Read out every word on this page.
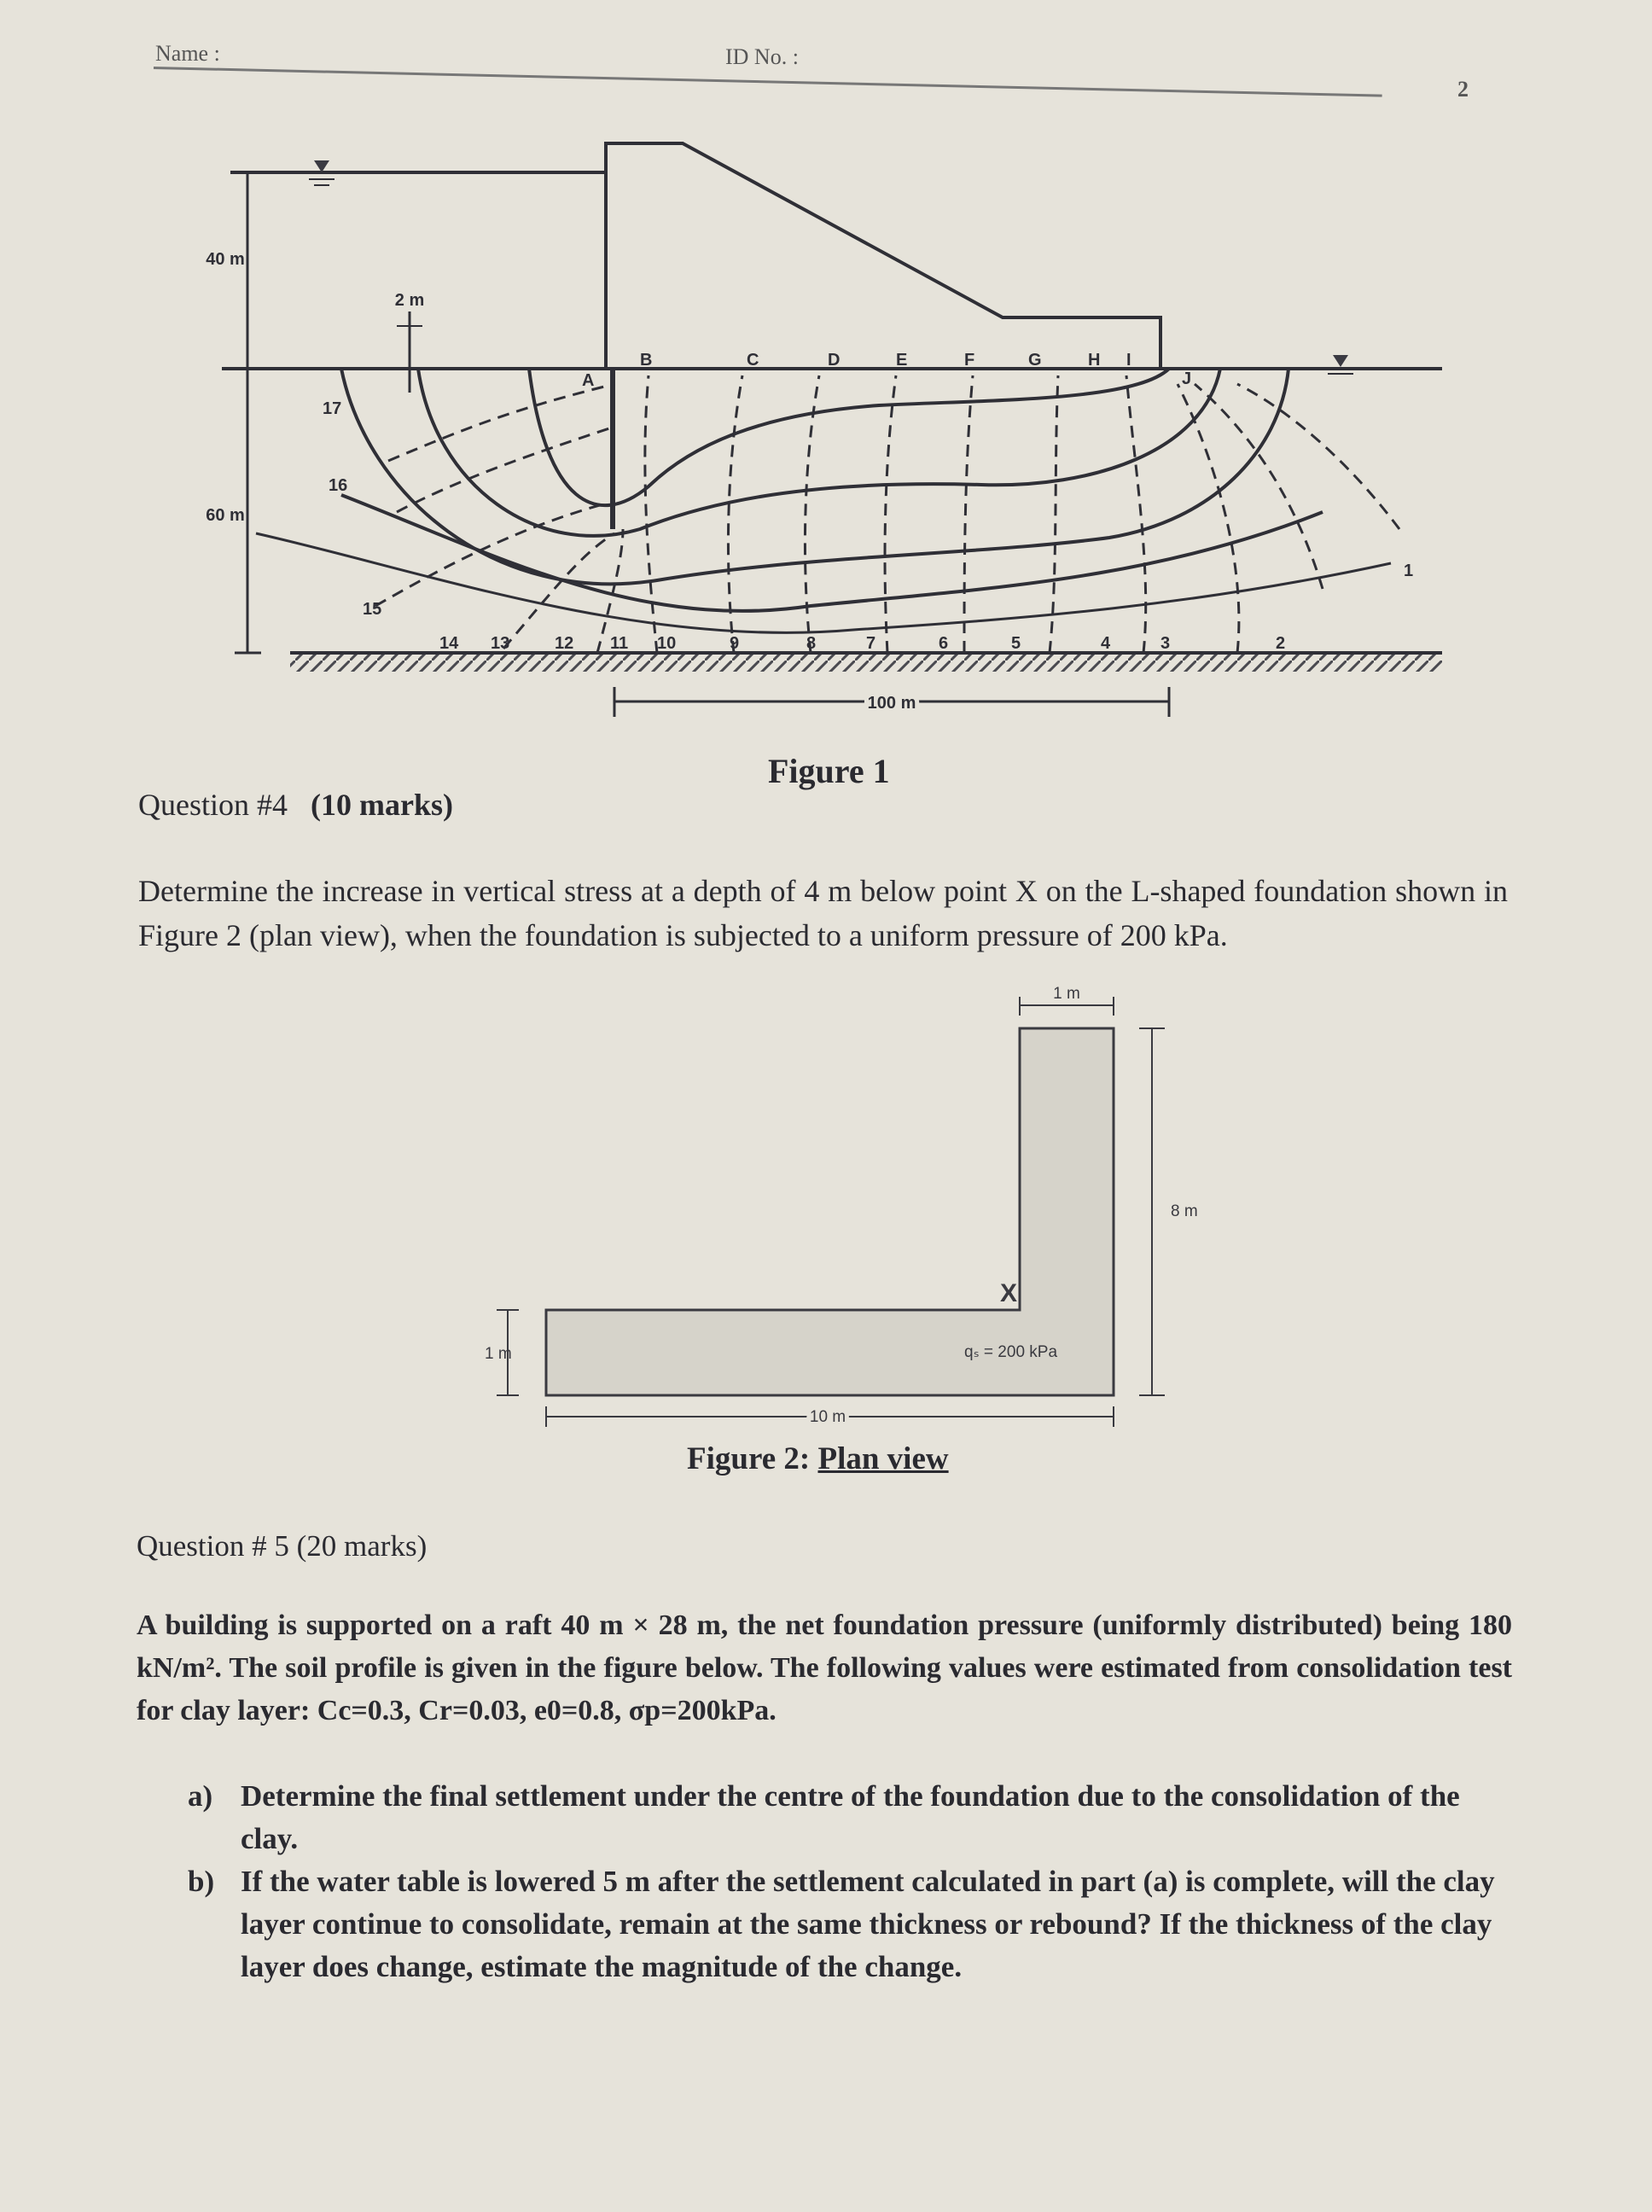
Name :	ID No. :
2
40 m
2 m
60 m
100 m
A
B	C	D	E	F	G	H I
J
1
2
3
4
5
6
7
8
9
10
11
12
13
14
15
16
17
Figure 1
Question #4 (10 marks)
Determine the increase in vertical stress at a depth of 4 m below point X on the L-shaped foundation shown in Figure 2 (plan view), when the foundation is subjected to a uniform pressure of 200 kPa.
1 m
8 m
1 m
10 m
qₛ = 200 kPa
X
Figure 2: Plan view
Question # 5 (20 marks)
A building is supported on a raft 40 m × 28 m, the net foundation pressure (uniformly distributed) being 180 kN/m². The soil profile is given in the figure below. The following values were estimated from consolidation test for clay layer: Cc=0.3, Cr=0.03, e0=0.8, σp=200kPa.
a) Determine the final settlement under the centre of the foundation due to the consolidation of the clay.
b) If the water table is lowered 5 m after the settlement calculated in part (a) is complete, will the clay layer continue to consolidate, remain at the same thickness or rebound? If the thickness of the clay layer does change, estimate the magnitude of the change.
